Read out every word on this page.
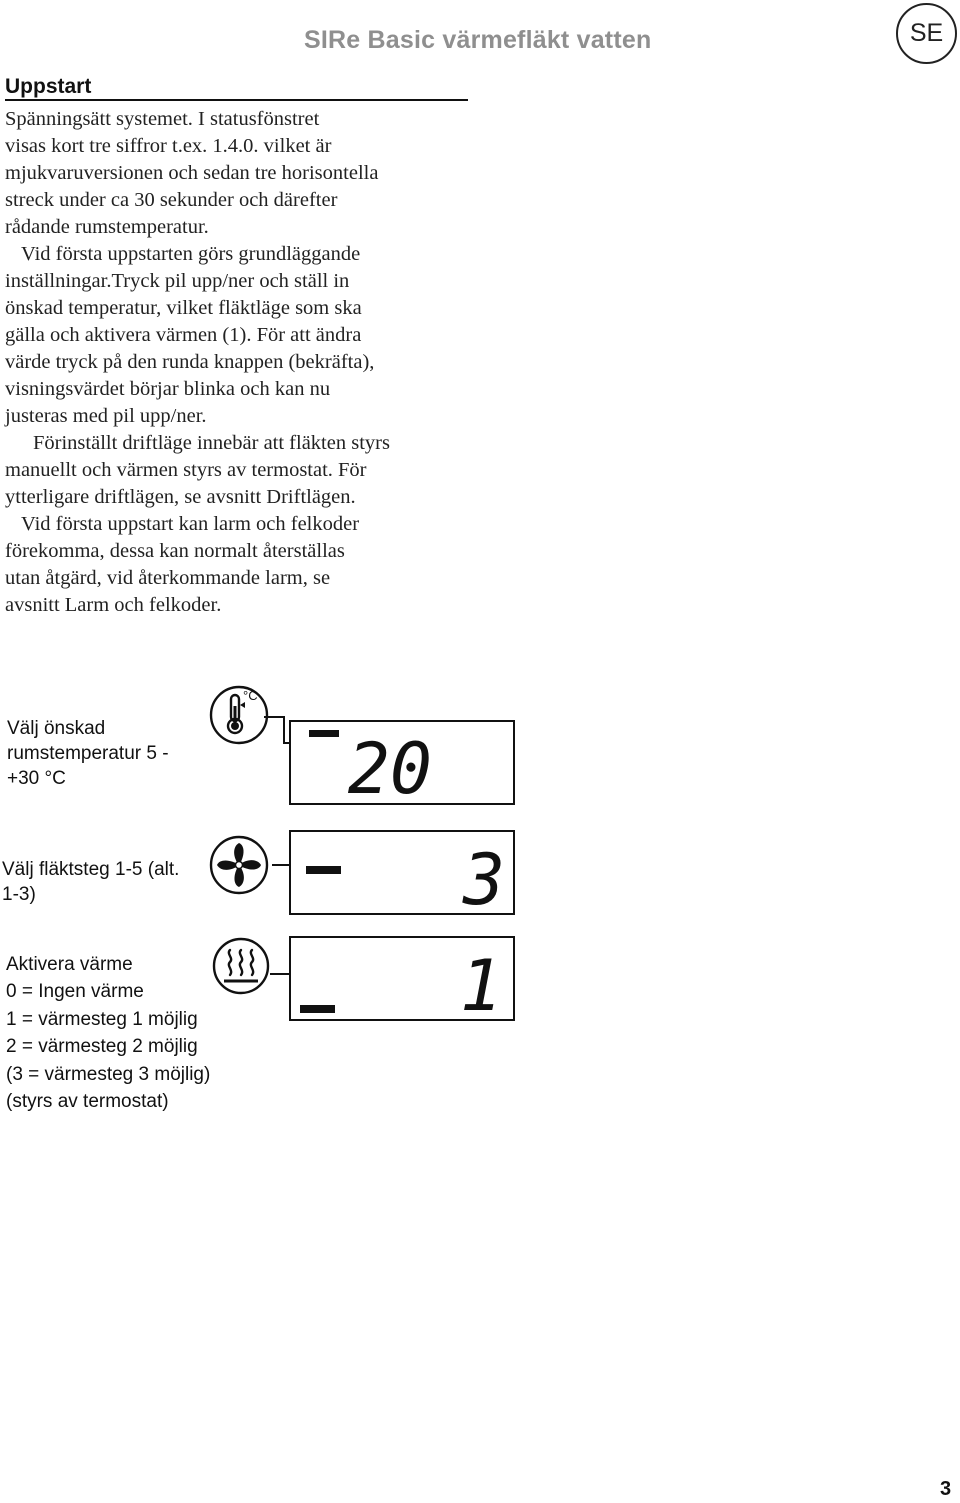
SIRe Basic värmefläkt vatten	SE
Uppstart

Spänningsätt systemet. I statusfönstret

visas kort tre siffror t.ex. 1.4.0. vilket är

mjukvaruversionen och sedan tre horisontella

streck under ca 30 sekunder och därefter

rådande rumstemperatur.

Vid första uppstarten görs grundläggande

inställningar.Tryck pil upp/ner och ställ in

önskad temperatur, vilket fläktläge som ska

gälla och aktivera värmen (1). För att ändra

värde tryck på den runda knappen (bekräfta),

visningsvärdet börjar blinka och kan nu

justeras med pil upp/ner.

Förinställt driftläge innebär att fläkten styrs

manuellt och värmen styrs av termostat. För

ytterligare driftlägen, se avsnitt Driftlägen.

Vid första uppstart kan larm och felkoder

förekomma, dessa kan normalt återställas

utan åtgärd, vid återkommande larm, se

avsnitt Larm och felkoder.

Välj önskad
rumstemperatur 5 -
+30 °C
°C
20
Välj fläktsteg 1-5 (alt.
1-3)	3
Aktivera värme
0 = Ingen värme
1 = värmesteg 1 möjlig
2 = värmesteg 2 möjlig
(3 = värmesteg 3 möjlig)
(styrs av termostat)
1
3
